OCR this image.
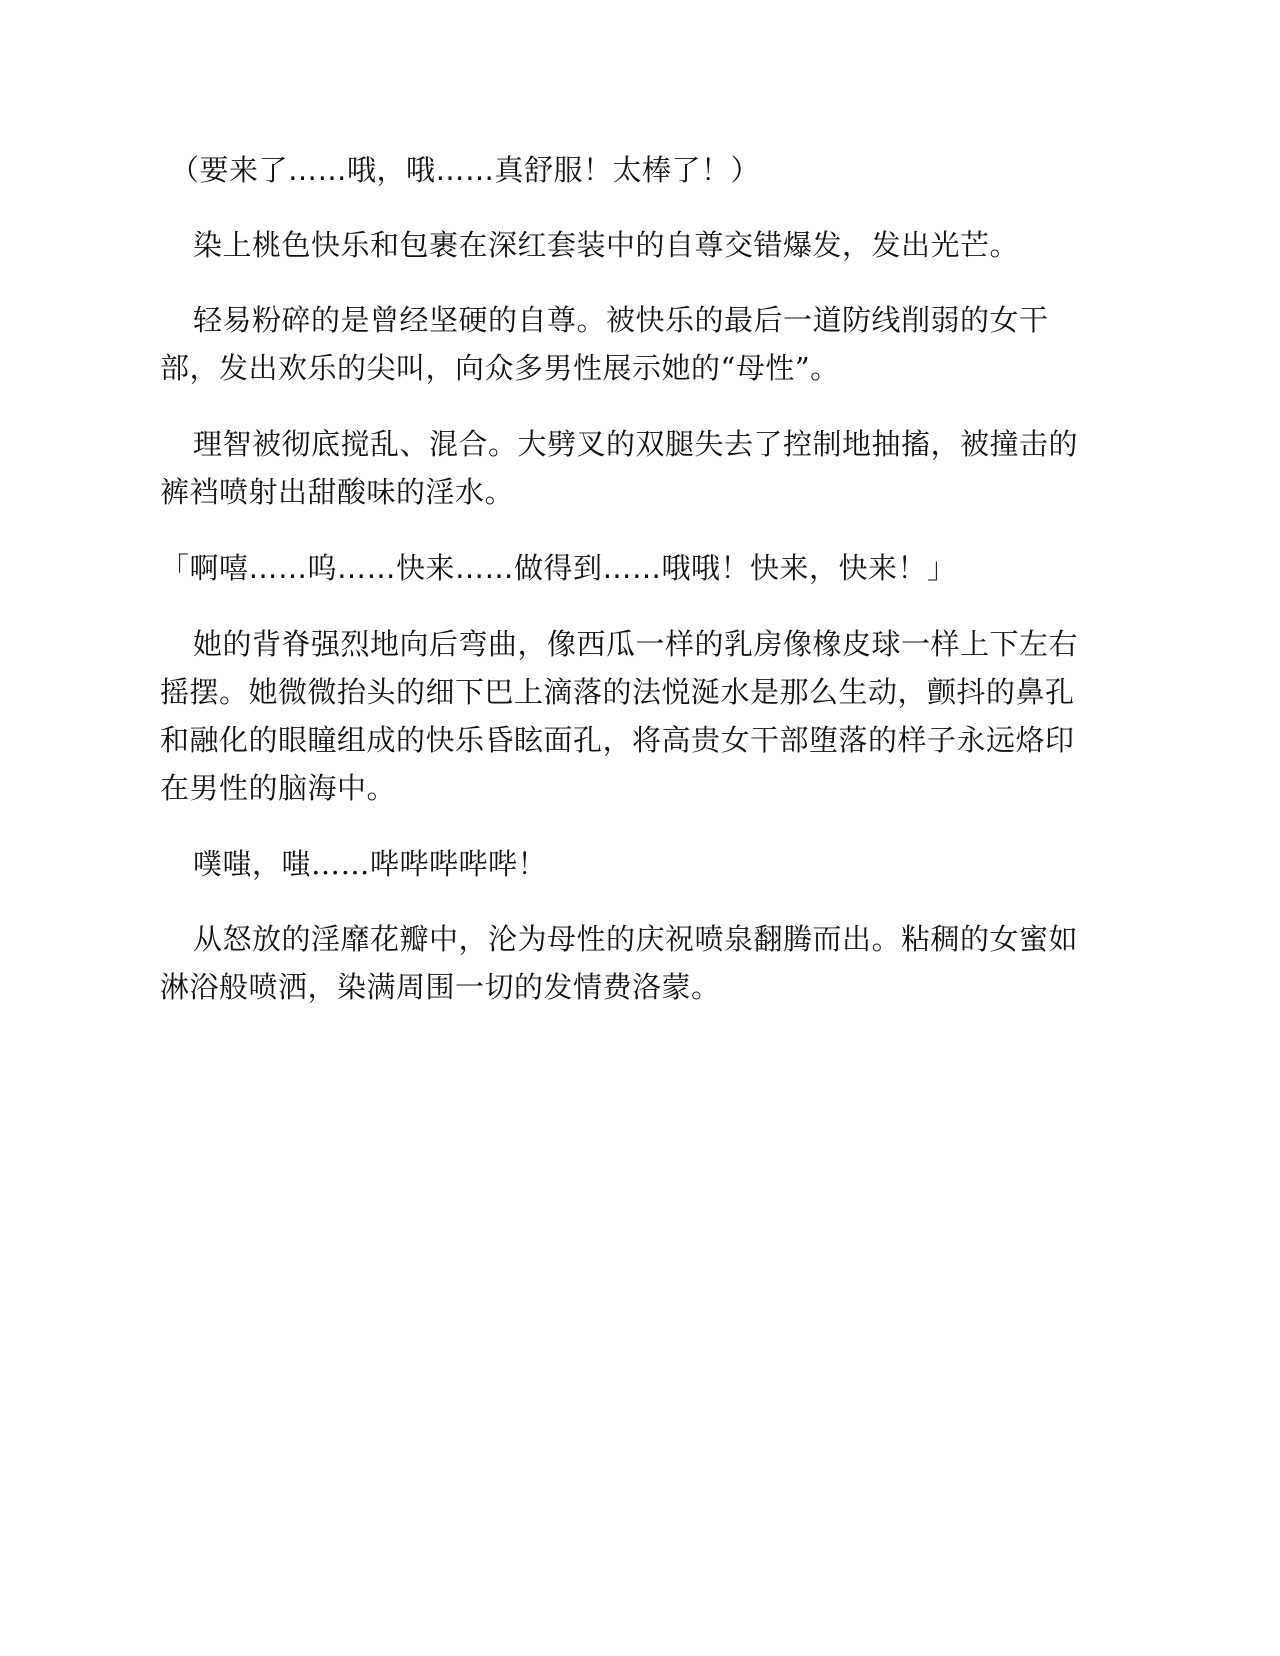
（要来了……哦，哦……真舒服！太棒了！）

染上桃色快乐和包裹在深红套装中的自尊交错爆发，发出光芒。

轻易粉碎的是曾经坚硬的自尊。被快乐的最后一道防线削弱的女干部，发出欢乐的尖叫，向众多男性展示她的“母性”。

理智被彻底搅乱、混合。大劈叉的双腿失去了控制地抽搐，被撞击的裤裆喷射出甜酸味的淫水。

「啊嘻……呜……快来……做得到……哦哦！快来，快来！」

她的背脊强烈地向后弯曲，像西瓜一样的乳房像橡皮球一样上下左右摇摆。她微微抬头的细下巴上滴落的法悦涎水是那么生动，颤抖的鼻孔和融化的眼瞳组成的快乐昏眩面孔，将高贵女干部堕落的样子永远烙印在男性的脑海中。

噗嗤，嗤……哔哔哔哔哔！

从怒放的淫靡花瓣中，沦为母性的庆祝喷泉翻腾而出。粘稠的女蜜如淋浴般喷洒，染满周围一切的发情费洛蒙。
